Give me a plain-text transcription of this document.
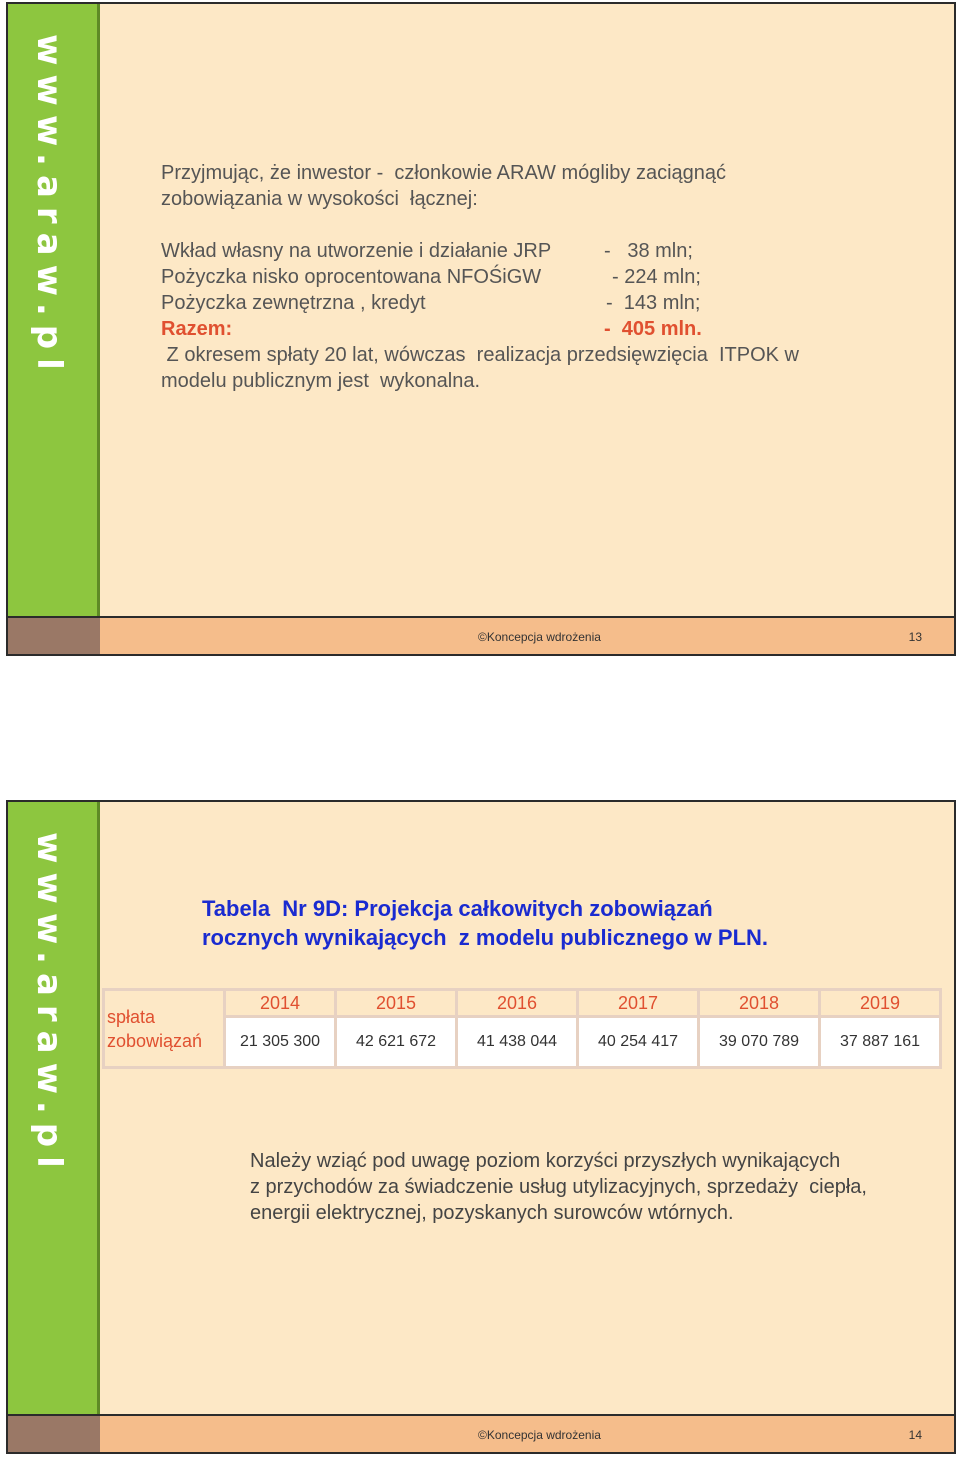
www.araw.pl	Przyjmując, że inwestor -  członkowie ARAW mógliby zaciągnąć
zobowiązania w wysokości  łącznej:
Wkład własny na utworzenie i działanie JRP	-   38 mln;
Pożyczka nisko oprocentowana NFOŚiGW	- 224 mln;
Pożyczka zewnętrzna , kredyt	-  143 mln;
Razem:	-  405 mln.
Z okresem spłaty 20 lat, wówczas  realizacja przedsięwzięcia  ITPOK w
modelu publicznym jest  wykonalna.
©Koncepcja wdrożenia	13
www.araw.pl	Tabela  Nr 9D: Projekcja całkowitych zobowiązań
rocznych wynikających  z modelu publicznego w PLN.
spłata
zobowiązań	2014	2015	2016	2017	2018	2019
	21 305 300	42 621 672	41 438 044	40 254 417	39 070 789	37 887 161
Należy wziąć pod uwagę poziom korzyści przyszłych wynikających
z przychodów za świadczenie usług utylizacyjnych, sprzedaży  ciepła,
energii elektrycznej, pozyskanych surowców wtórnych.
©Koncepcja wdrożenia	14
